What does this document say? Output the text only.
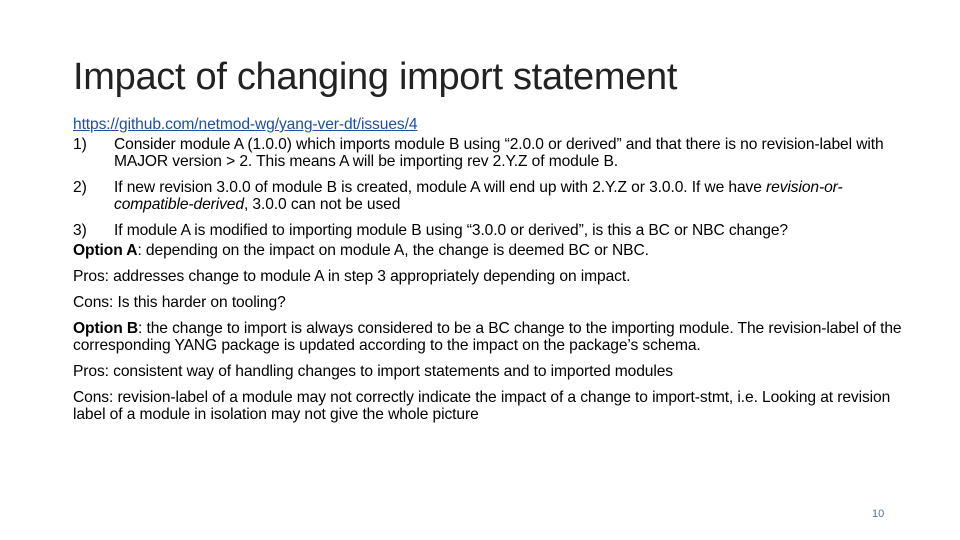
Impact of changing import statement
https://github.com/netmod-wg/yang-ver-dt/issues/4
1)	Consider module A (1.0.0) which imports module B using “2.0.0 or derived” and that there is no revision-label with MAJOR version > 2. This means A will be importing rev 2.Y.Z of module B.
2)	If new revision 3.0.0 of module B is created, module A will end up with 2.Y.Z or 3.0.0. If we have revision-or-compatible-derived, 3.0.0 can not be used
3)	If module A is modified to importing module B using “3.0.0 or derived”, is this a BC or NBC change?
Option A: depending on the impact on module A, the change is deemed BC or NBC.
Pros: addresses change to module A in step 3 appropriately depending on impact.
Cons: Is this harder on tooling?
Option B: the change to import is always considered to be a BC change to the importing module. The revision-label of the corresponding YANG package is updated according to the impact on the package’s schema.
Pros: consistent way of handling changes to import statements and to imported modules
Cons: revision-label of a module may not correctly indicate the impact of a change to import-stmt, i.e. Looking at revision label of a module in isolation may not give the whole picture
10
